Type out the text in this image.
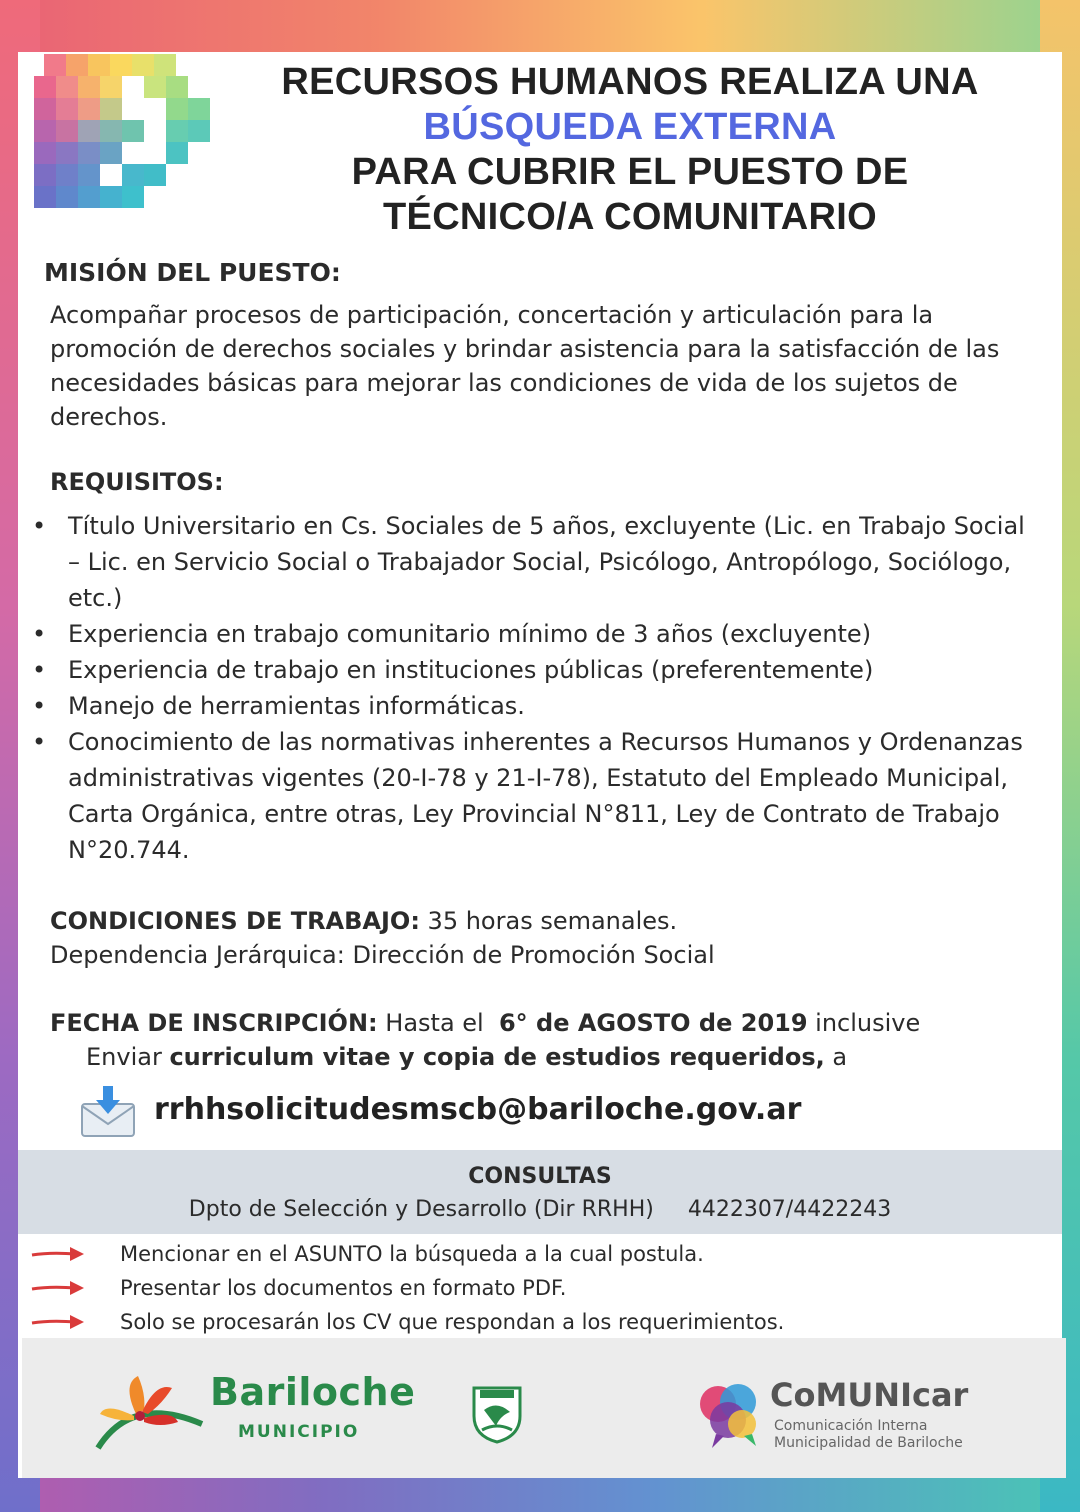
RECURSOS HUMANOS REALIZA UNA
BÚSQUEDA EXTERNA
PARA CUBRIR EL PUESTO DE
TÉCNICO/A COMUNITARIO
MISIÓN DEL PUESTO:
Acompañar procesos de participación, concertación y articulación para la promoción de derechos sociales y brindar asistencia para la satisfacción de las necesidades básicas para mejorar las condiciones de vida de los sujetos de derechos.
REQUISITOS:
• Título Universitario en Cs. Sociales de 5 años, excluyente (Lic. en Trabajo Social – Lic. en Servicio Social o Trabajador Social, Psicólogo, Antropólogo, Sociólogo, etc.)
• Experiencia en trabajo comunitario mínimo de 3 años (excluyente)
• Experiencia de trabajo en instituciones públicas (preferentemente)
• Manejo de herramientas informáticas.
• Conocimiento de las normativas inherentes a Recursos Humanos y Ordenanzas administrativas vigentes (20-I-78 y 21-I-78), Estatuto del Empleado Municipal, Carta Orgánica, entre otras, Ley Provincial N°811, Ley de Contrato de Trabajo N°20.744.
CONDICIONES DE TRABAJO: 35 horas semanales.
Dependencia Jerárquica: Dirección de Promoción Social
FECHA DE INSCRIPCIÓN: Hasta el  6° de AGOSTO de 2019 inclusive
Enviar curriculum vitae y copia de estudios requeridos, a
rrhhsolicitudesmscb@bariloche.gov.ar
CONSULTAS
Dpto de Selección y Desarrollo (Dir RRHH) 4422307/4422243
Mencionar en el ASUNTO la búsqueda a la cual postula.
Presentar los documentos en formato PDF.
Solo se procesarán los CV que respondan a los requerimientos.
Bariloche
MUNICIPIO
CoMUNIcar
Comunicación Interna
Municipalidad de Bariloche
